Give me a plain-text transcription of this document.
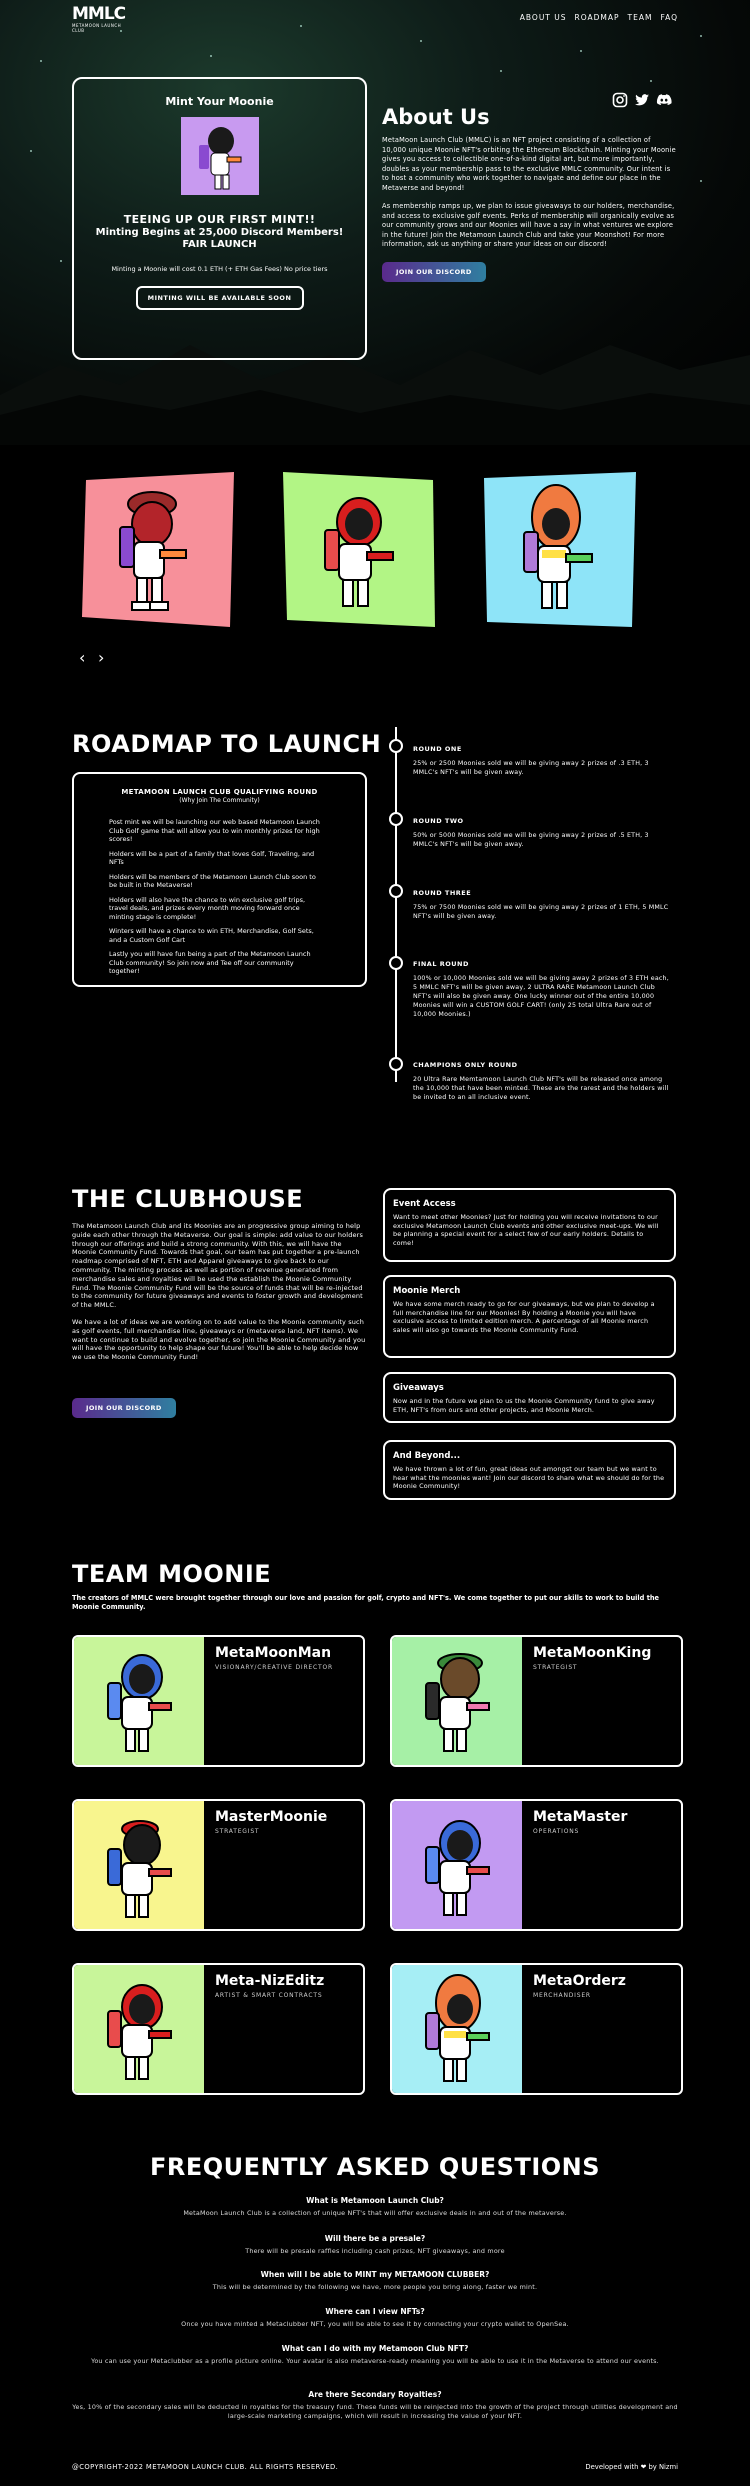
MMLC
METAMOON LAUNCH CLUB
ABOUT US ROADMAP TEAM FAQ
Mint Your Moonie
TEEING UP OUR FIRST MINT!!
Minting Begins at 25,000 Discord Members!
FAIR LAUNCH
Minting a Moonie will cost 0.1 ETH (+ ETH Gas Fees) No price tiers
MINTING WILL BE AVAILABLE SOON
About Us

MetaMoon Launch Club (MMLC) is an NFT project consisting of a collection of 10,000 unique Moonie NFT's orbiting the Ethereum Blockchain. Minting your Moonie gives you access to collectible one-of-a-kind digital art, but more importantly, doubles as your membership pass to the exclusive MMLC community. Our intent is to host a community who work together to navigate and define our place in the Metaverse and beyond!

As membership ramps up, we plan to issue giveaways to our holders, merchandise, and access to exclusive golf events. Perks of membership will organically evolve as our community grows and our Moonies will have a say in what ventures we explore in the future! Join the Metamoon Launch Club and take your Moonshot! For more information, ask us anything or share your ideas on our discord!

JOIN OUR DISCORD
‹ ›
ROADMAP TO LAUNCH
METAMOON LAUNCH CLUB QUALIFYING ROUND
(Why Join The Community)
Post mint we will be launching our web based Metamoon Launch Club Golf game that will allow you to win monthly prizes for high scores!
Holders will be a part of a family that loves Golf, Traveling, and NFTs
Holders will be members of the Metamoon Launch Club soon to be built in the Metaverse!
Holders will also have the chance to win exclusive golf trips, travel deals, and prizes every month moving forward once minting stage is complete!
Winters will have a chance to win ETH, Merchandise, Golf Sets, and a Custom Golf Cart
Lastly you will have fun being a part of the Metamoon Launch Club community! So join now and Tee off our community together!
ROUND ONE

25% or 2500 Moonies sold we will be giving away 2 prizes of .3 ETH, 3 MMLC's NFT's will be given away.

ROUND TWO

50% or 5000 Moonies sold we will be giving away 2 prizes of .5 ETH, 3 MMLC's NFT's will be given away.

ROUND THREE

75% or 7500 Moonies sold we will be giving away 2 prizes of 1 ETH, 5 MMLC NFT's will be given away.

FINAL ROUND

100% or 10,000 Moonies sold we will be giving away 2 prizes of 3 ETH each, 5 MMLC NFT's will be given away, 2 ULTRA RARE Metamoon Launch Club NFT's will also be given away. One lucky winner out of the entire 10,000 Moonies will win a CUSTOM GOLF CART! (only 25 total Ultra Rare out of 10,000 Moonies.)

CHAMPIONS ONLY ROUND

20 Ultra Rare Memtamoon Launch Club NFT's will be released once among the 10,000 that have been minted. These are the rarest and the holders will be invited to an all inclusive event.

THE CLUBHOUSE

The Metamoon Launch Club and its Moonies are an progressive group aiming to help guide each other through the Metaverse. Our goal is simple: add value to our holders through our offerings and build a strong community. With this, we will have the Moonie Community Fund. Towards that goal, our team has put together a pre-launch roadmap comprised of NFT, ETH and Apparel giveaways to give back to our community. The minting process as well as portion of revenue generated from merchandise sales and royalties will be used the establish the Moonie Community Fund. The Moonie Community Fund will be the source of funds that will be re-injected to the community for future giveaways and events to foster growth and development of the MMLC.

We have a lot of ideas we are working on to add value to the Moonie community such as golf events, full merchandise line, giveaways or (metaverse land, NFT items). We want to continue to build and evolve together, so join the Moonie Community and you will have the opportunity to help shape our future! You'll be able to help decide how we use the Moonie Community Fund!

JOIN OUR DISCORD
Event Access

Want to meet other Moonies? Just for holding you will receive invitations to our exclusive Metamoon Launch Club events and other exclusive meet-ups. We will be planning a special event for a select few of our early holders. Details to come!

Moonie Merch

We have some merch ready to go for our giveaways, but we plan to develop a full merchandise line for our Moonies! By holding a Moonie you will have exclusive access to limited edition merch. A percentage of all Moonie merch sales will also go towards the Moonie Community Fund.

Giveaways

Now and in the future we plan to us the Moonie Community fund to give away ETH, NFT's from ours and other projects, and Moonie Merch.

And Beyond...

We have thrown a lot of fun, great ideas out amongst our team but we want to hear what the moonies want! Join our discord to share what we should do for the Moonie Community!

TEAM MOONIE
The creators of MMLC were brought together through our love and passion for golf, crypto and NFT's. We come together to put our skills to work to build the Moonie Community.
MetaMoonMan
VISIONARY/CREATIVE DIRECTOR
MetaMoonKing
STRATEGIST
MasterMoonie
STRATEGIST
MetaMaster
OPERATIONS
Meta-NizEditz
ARTIST & SMART CONTRACTS
MetaOrderz
MERCHANDISER
FREQUENTLY ASKED QUESTIONS
What is Metamoon Launch Club?
MetaMoon Launch Club is a collection of unique NFT's that will offer exclusive deals in and out of the metaverse.
Will there be a presale?
There will be presale raffles including cash prizes, NFT giveaways, and more
When will I be able to MINT my METAMOON CLUBBER?
This will be determined by the following we have, more people you bring along, faster we mint.
Where can I view NFTs?
Once you have minted a Metaclubber NFT, you will be able to see it by connecting your crypto wallet to OpenSea.
What can I do with my Metamoon Club NFT?
You can use your Metaclubber as a profile picture online. Your avatar is also metaverse-ready meaning you will be able to use it in the Metaverse to attend our events.
Are there Secondary Royalties?
Yes, 10% of the secondary sales will be deducted in royalties for the treasury fund. These funds will be reinjected into the growth of the project through utilities development and large-scale marketing campaigns, which will result in increasing the value of your NFT.
@COPYRIGHT-2022 METAMOON LAUNCH CLUB. ALL RIGHTS RESERVED.	Developed with ❤ by Nizmi
